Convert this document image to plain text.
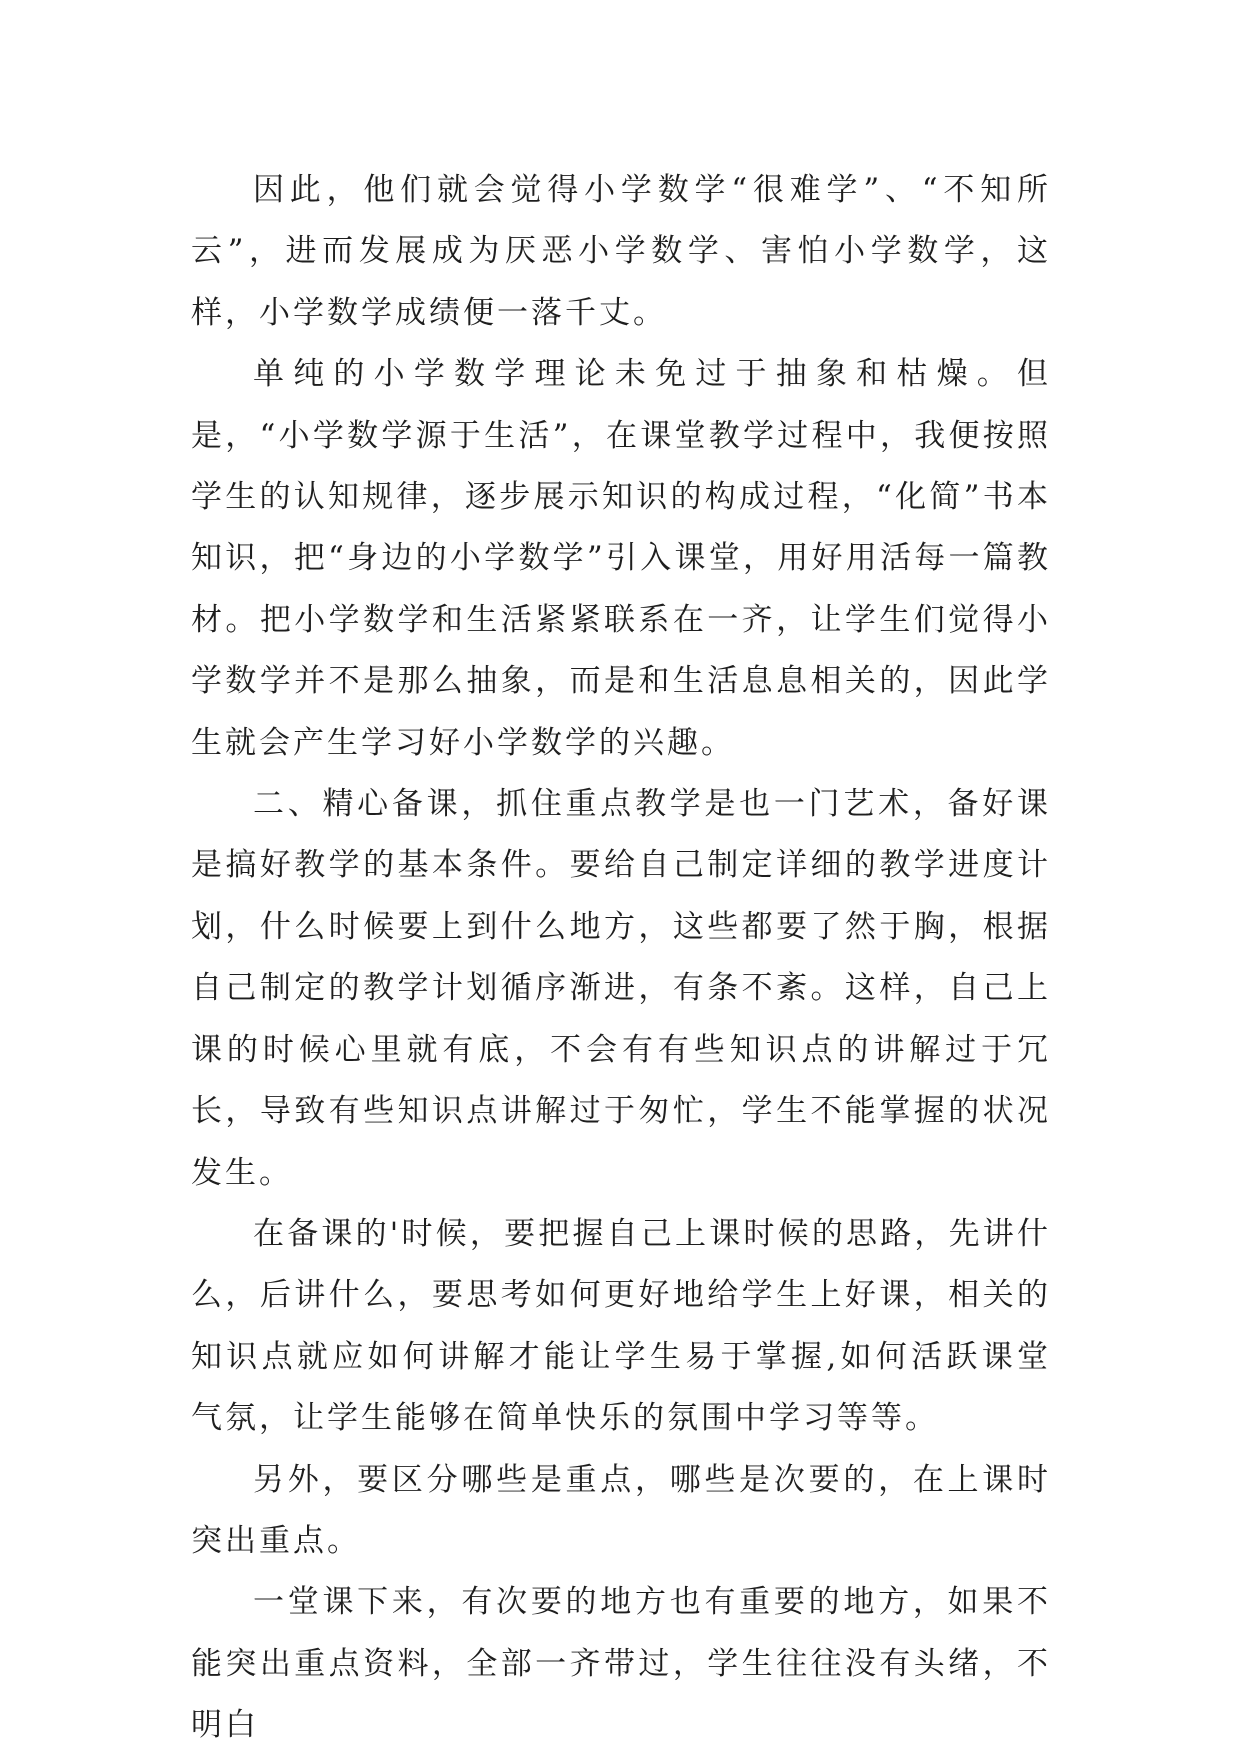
因此，他们就会觉得小学数学“很难学”、“不知所云”，进而发展成为厌恶小学数学、害怕小学数学，这样，小学数学成绩便一落千丈。

单纯的小学数学理论未免过于抽象和枯燥。但是，“小学数学源于生活”，在课堂教学过程中，我便按照学生的认知规律，逐步展示知识的构成过程，“化简”书本知识，把“身边的小学数学”引入课堂，用好用活每一篇教材。把小学数学和生活紧紧联系在一齐，让学生们觉得小学数学并不是那么抽象，而是和生活息息相关的，因此学生就会产生学习好小学数学的兴趣。

二、精心备课，抓住重点教学是也一门艺术，备好课是搞好教学的基本条件。要给自己制定详细的教学进度计划，什么时候要上到什么地方，这些都要了然于胸，根据自己制定的教学计划循序渐进，有条不紊。这样，自己上课的时候心里就有底，不会有有些知识点的讲解过于冗长，导致有些知识点讲解过于匆忙，学生不能掌握的状况发生。

在备课的'时候，要把握自己上课时候的思路，先讲什么，后讲什么，要思考如何更好地给学生上好课，相关的知识点就应如何讲解才能让学生易于掌握,如何活跃课堂气氛，让学生能够在简单快乐的氛围中学习等等。

另外，要区分哪些是重点，哪些是次要的，在上课时突出重点。

一堂课下来，有次要的地方也有重要的地方，如果不能突出重点资料，全部一齐带过，学生往往没有头绪，不明白
